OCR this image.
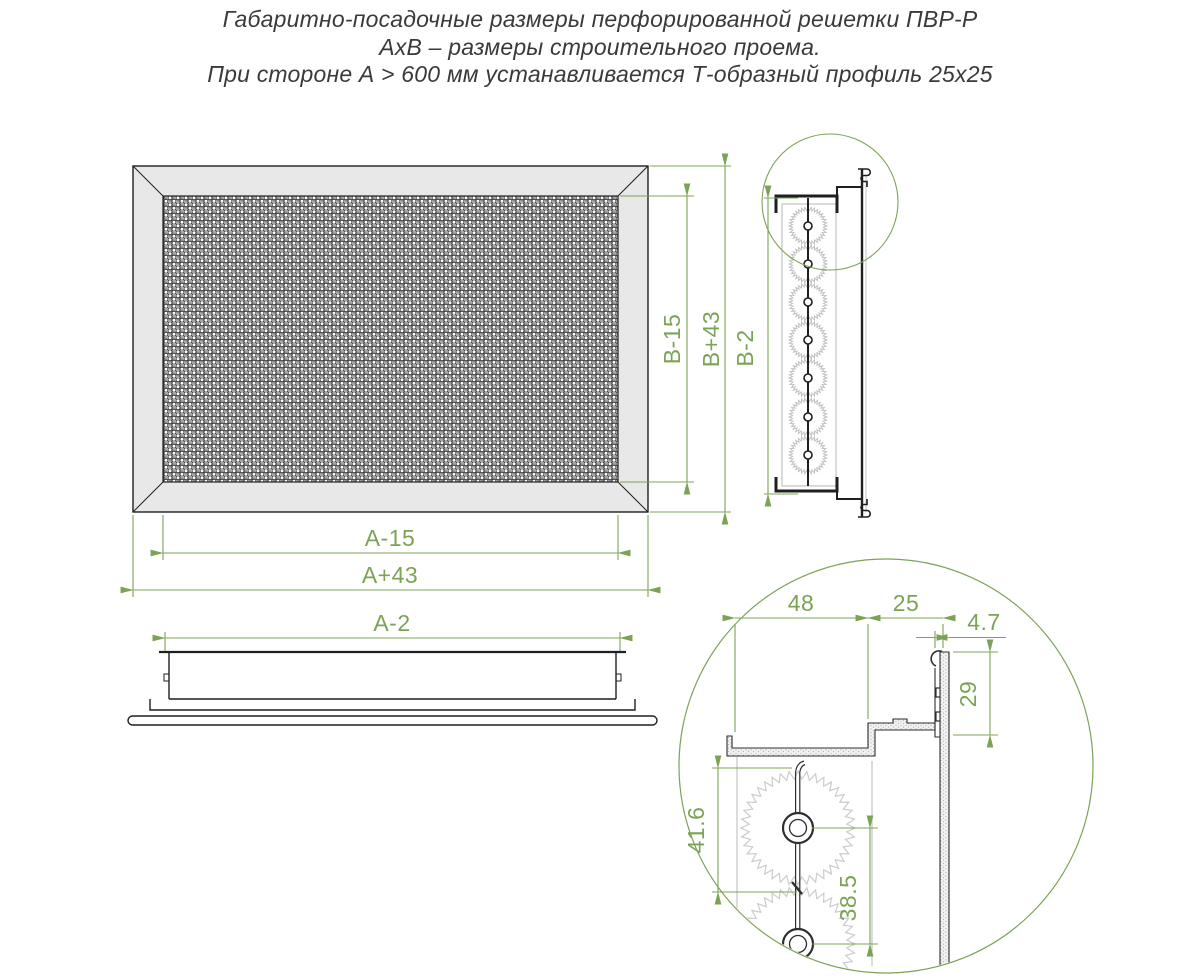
Габаритно-посадочные размеры перфорированной решетки ПВР-Р
АхВ – размеры строительного проема.
При стороне А > 600 мм устанавливается Т-образный профиль 25х25
В-15 В+43
А-15
А+43
В-2
А-2
48	25
4.7
29
41.6
38.5
